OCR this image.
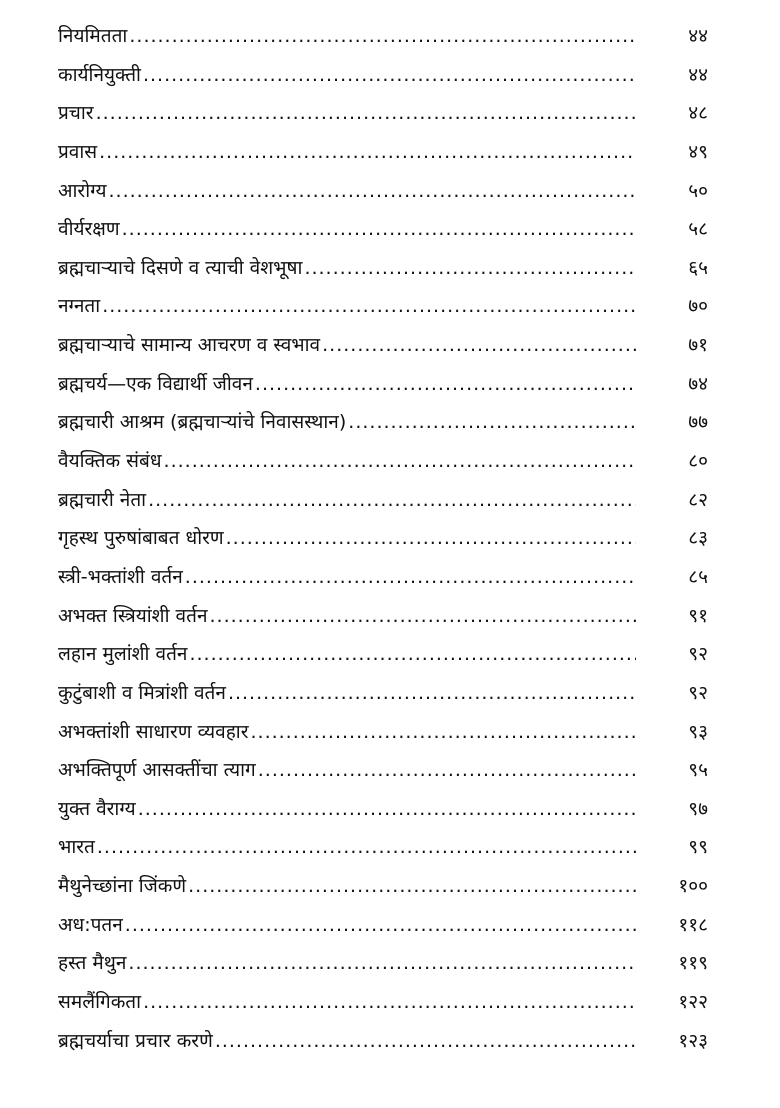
नियमितता .....	४४
कार्यनियुक्ती .....	४४
प्रचार .....	४८
प्रवास .....	४९
आरोग्य .....	५०
वीर्यरक्षण .....	५८
ब्रह्मचाऱ्याचे दिसणे व त्याची वेशभूषा .....	६५
नग्नता .....	७०
ब्रह्मचाऱ्याचे सामान्य आचरण व स्वभाव .....	७१
ब्रह्मचर्य—एक विद्यार्थी जीवन .....	७४
ब्रह्मचारी आश्रम (ब्रह्मचाऱ्यांचे निवासस्थान) .....	७७
वैयक्तिक संबंध .....	८०
ब्रह्मचारी नेता .....	८२
गृहस्थ पुरुषांबाबत धोरण .....	८३
स्त्री-भक्तांशी वर्तन .....	८५
अभक्त स्त्रियांशी वर्तन .....	९१
लहान मुलांशी वर्तन .....	९२
कुटुंबाशी व मित्रांशी वर्तन .....	९२
अभक्तांशी साधारण व्यवहार .....	९३
अभक्तिपूर्ण आसक्तींचा त्याग .....	९५
युक्त वैराग्य .....	९७
भारत .....	९९
मैथुनेच्छांना जिंकणे .....	१००
अध:पतन .....	११८
हस्त मैथुन .....	११९
समलैंगिकता .....	१२२
ब्रह्मचर्याचा प्रचार करणे .....	१२३
